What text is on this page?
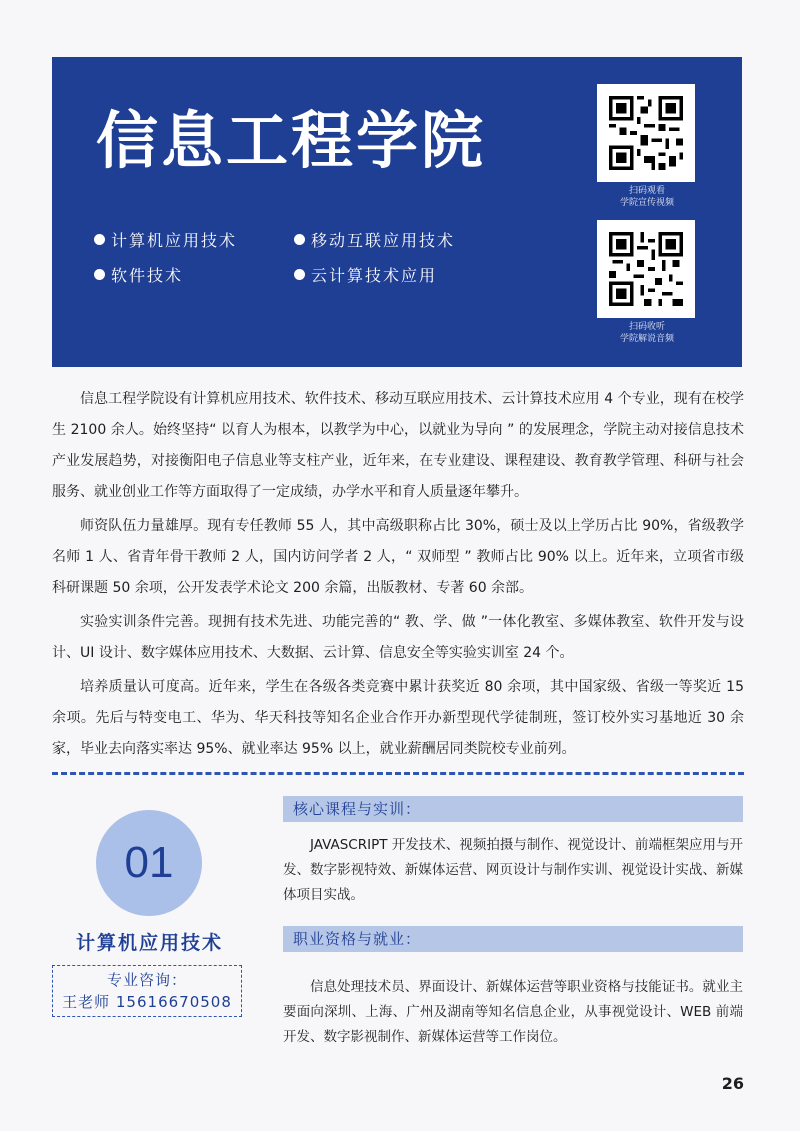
信息工程学院
计算机应用技术	移动互联应用技术
软件技术	云计算技术应用
扫码观看
学院宣传视频
扫码收听
学院解说音频

信息工程学院设有计算机应用技术、软件技术、移动互联应用技术、云计算技术应用 4 个专业，现有在校学生 2100 余人。始终坚持“ 以育人为根本，以教学为中心，以就业为导向 ” 的发展理念，学院主动对接信息技术产业发展趋势，对接衡阳电子信息业等支柱产业，近年来，在专业建设、课程建设、教育教学管理、科研与社会服务、就业创业工作等方面取得了一定成绩，办学水平和育人质量逐年攀升。

师资队伍力量雄厚。现有专任教师 55 人，其中高级职称占比 30%，硕士及以上学历占比 90%，省级教学名师 1 人、省青年骨干教师 2 人，国内访问学者 2 人，“ 双师型 ” 教师占比 90% 以上。近年来，立项省市级科研课题 50 余项，公开发表学术论文 200 余篇，出版教材、专著 60 余部。

实验实训条件完善。现拥有技术先进、功能完善的“ 教、学、做 ”一体化教室、多媒体教室、软件开发与设计、UI 设计、数字媒体应用技术、大数据、云计算、信息安全等实验实训室 24 个。

培养质量认可度高。近年来，学生在各级各类竞赛中累计获奖近 80 余项，其中国家级、省级一等奖近 15 余项。先后与特变电工、华为、华天科技等知名企业合作开办新型现代学徒制班，签订校外实习基地近 30 余家，毕业去向落实率达 95%、就业率达 95% 以上，就业薪酬居同类院校专业前列。

01
计算机应用技术
专业咨询：
王老师 15616670508
核心课程与实训：

JAVASCRIPT 开发技术、视频拍摄与制作、视觉设计、前端框架应用与开发、数字影视特效、新媒体运营、网页设计与制作实训、视觉设计实战、新媒体项目实战。

职业资格与就业：

信息处理技术员、界面设计、新媒体运营等职业资格与技能证书。就业主要面向深圳、上海、广州及湖南等知名信息企业，从事视觉设计、WEB 前端开发、数字影视制作、新媒体运营等工作岗位。

26
